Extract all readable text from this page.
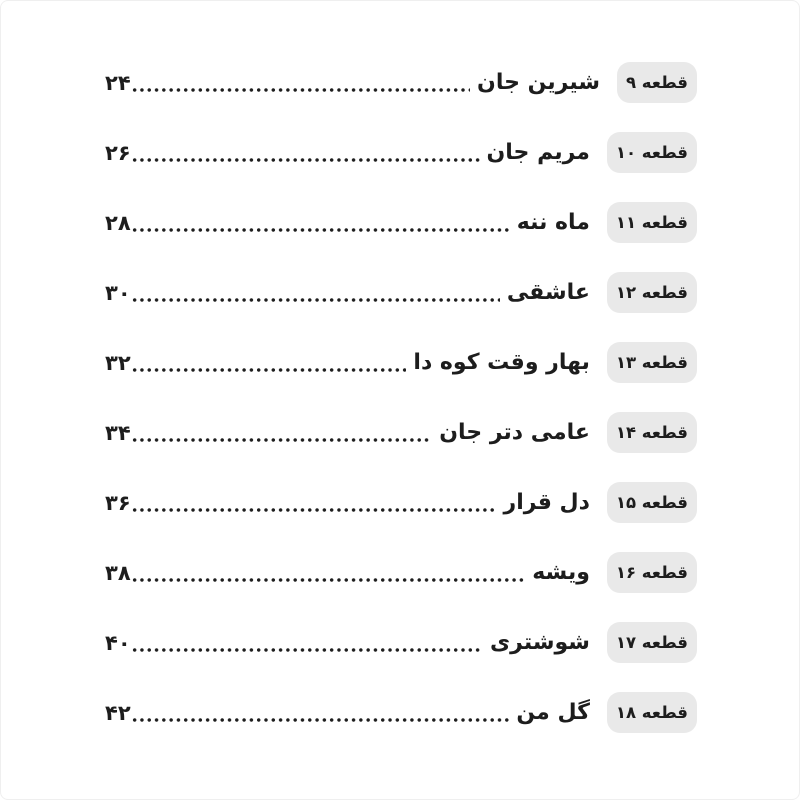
قطعه ۹
شیرین جان
۲۴
قطعه ۱۰
مریم جان
۲۶
قطعه ۱۱
ماه ننه
۲۸
قطعه ۱۲
عاشقی
۳۰
قطعه ۱۳
بهار وقت کوه دا
۳۲
قطعه ۱۴
عامی دتر جان
۳۴
قطعه ۱۵
دل قرار
۳۶
قطعه ۱۶
ویشه
۳۸
قطعه ۱۷
شوشتری
۴۰
قطعه ۱۸
گل من
۴۲
